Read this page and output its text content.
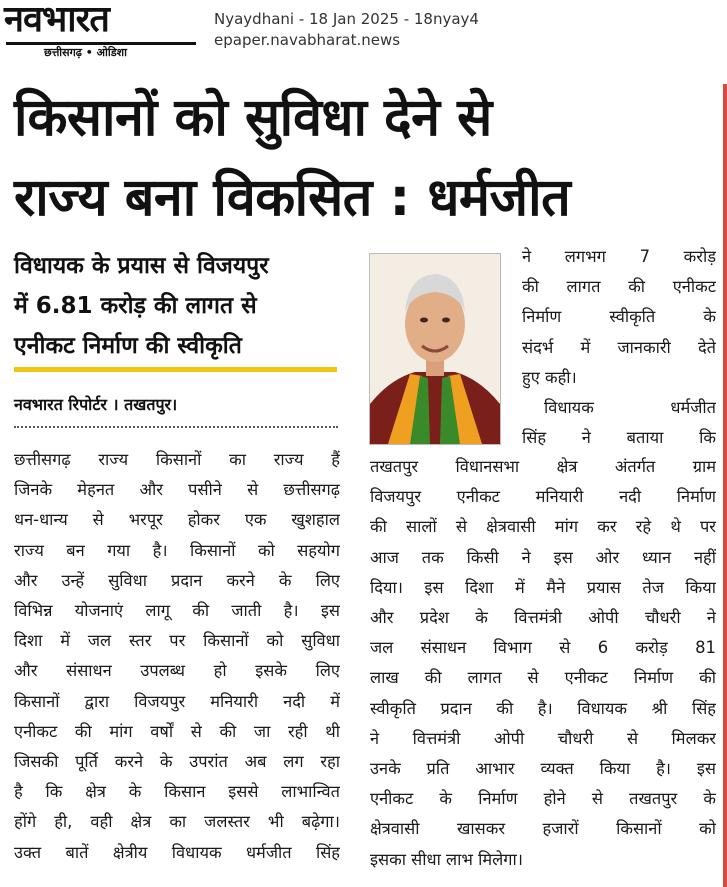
नवभारत
छत्तीसगढ़ • ओडिशा
Nyaydhani - 18 Jan 2025 - 18nyay4
epaper.navabharat.news
किसानों को सुविधा देने से
राज्य बना विकसित : धर्मजीत
विधायक के प्रयास से विजयपुर
में 6.81 करोड़ की लागत से
एनीकट निर्माण की स्वीकृति
नवभारत रिपोर्टर । तखतपुर।
छत्तीसगढ़ राज्य किसानों का राज्य हैं
जिनके मेहनत और पसीने से छत्तीसगढ़
धन-धान्य से भरपूर होकर एक खुशहाल
राज्य बन गया है। किसानों को सहयोग
और उन्हें सुविधा प्रदान करने के लिए
विभिन्न योजनाएं लागू की जाती है। इस
दिशा में जल स्तर पर किसानों को सुविधा
और संसाधन उपलब्ध हो इसके लिए
किसानों द्वारा विजयपुर मनियारी नदी में
एनीकट की मांग वर्षों से की जा रही थी
जिसकी पूर्ति करने के उपरांत अब लग रहा
है कि क्षेत्र के किसान इससे लाभान्वित
होंगे ही, वही क्षेत्र का जलस्तर भी बढ़ेगा।
उक्त बातें क्षेत्रीय विधायक धर्मजीत सिंह
ने लगभग 7 करोड़
की लागत की एनीकट
निर्माण स्वीकृति के
संदर्भ में जानकारी देते
हुए कही।
विधायक धर्मजीत
सिंह ने बताया कि
तखतपुर विधानसभा क्षेत्र अंतर्गत ग्राम
विजयपुर एनीकट मनियारी नदी निर्माण
की सालों से क्षेत्रवासी मांग कर रहे थे पर
आज तक किसी ने इस ओर ध्यान नहीं
दिया। इस दिशा में मैने प्रयास तेज किया
और प्रदेश के वित्तमंत्री ओपी चौधरी ने
जल संसाधन विभाग से 6 करोड़ 81
लाख की लागत से एनीकट निर्माण की
स्वीकृति प्रदान की है। विधायक श्री सिंह
ने वित्तमंत्री ओपी चौधरी से मिलकर
उनके प्रति आभार व्यक्त किया है। इस
एनीकट के निर्माण होने से तखतपुर के
क्षेत्रवासी खासकर हजारों किसानों को
इसका सीधा लाभ मिलेगा।
